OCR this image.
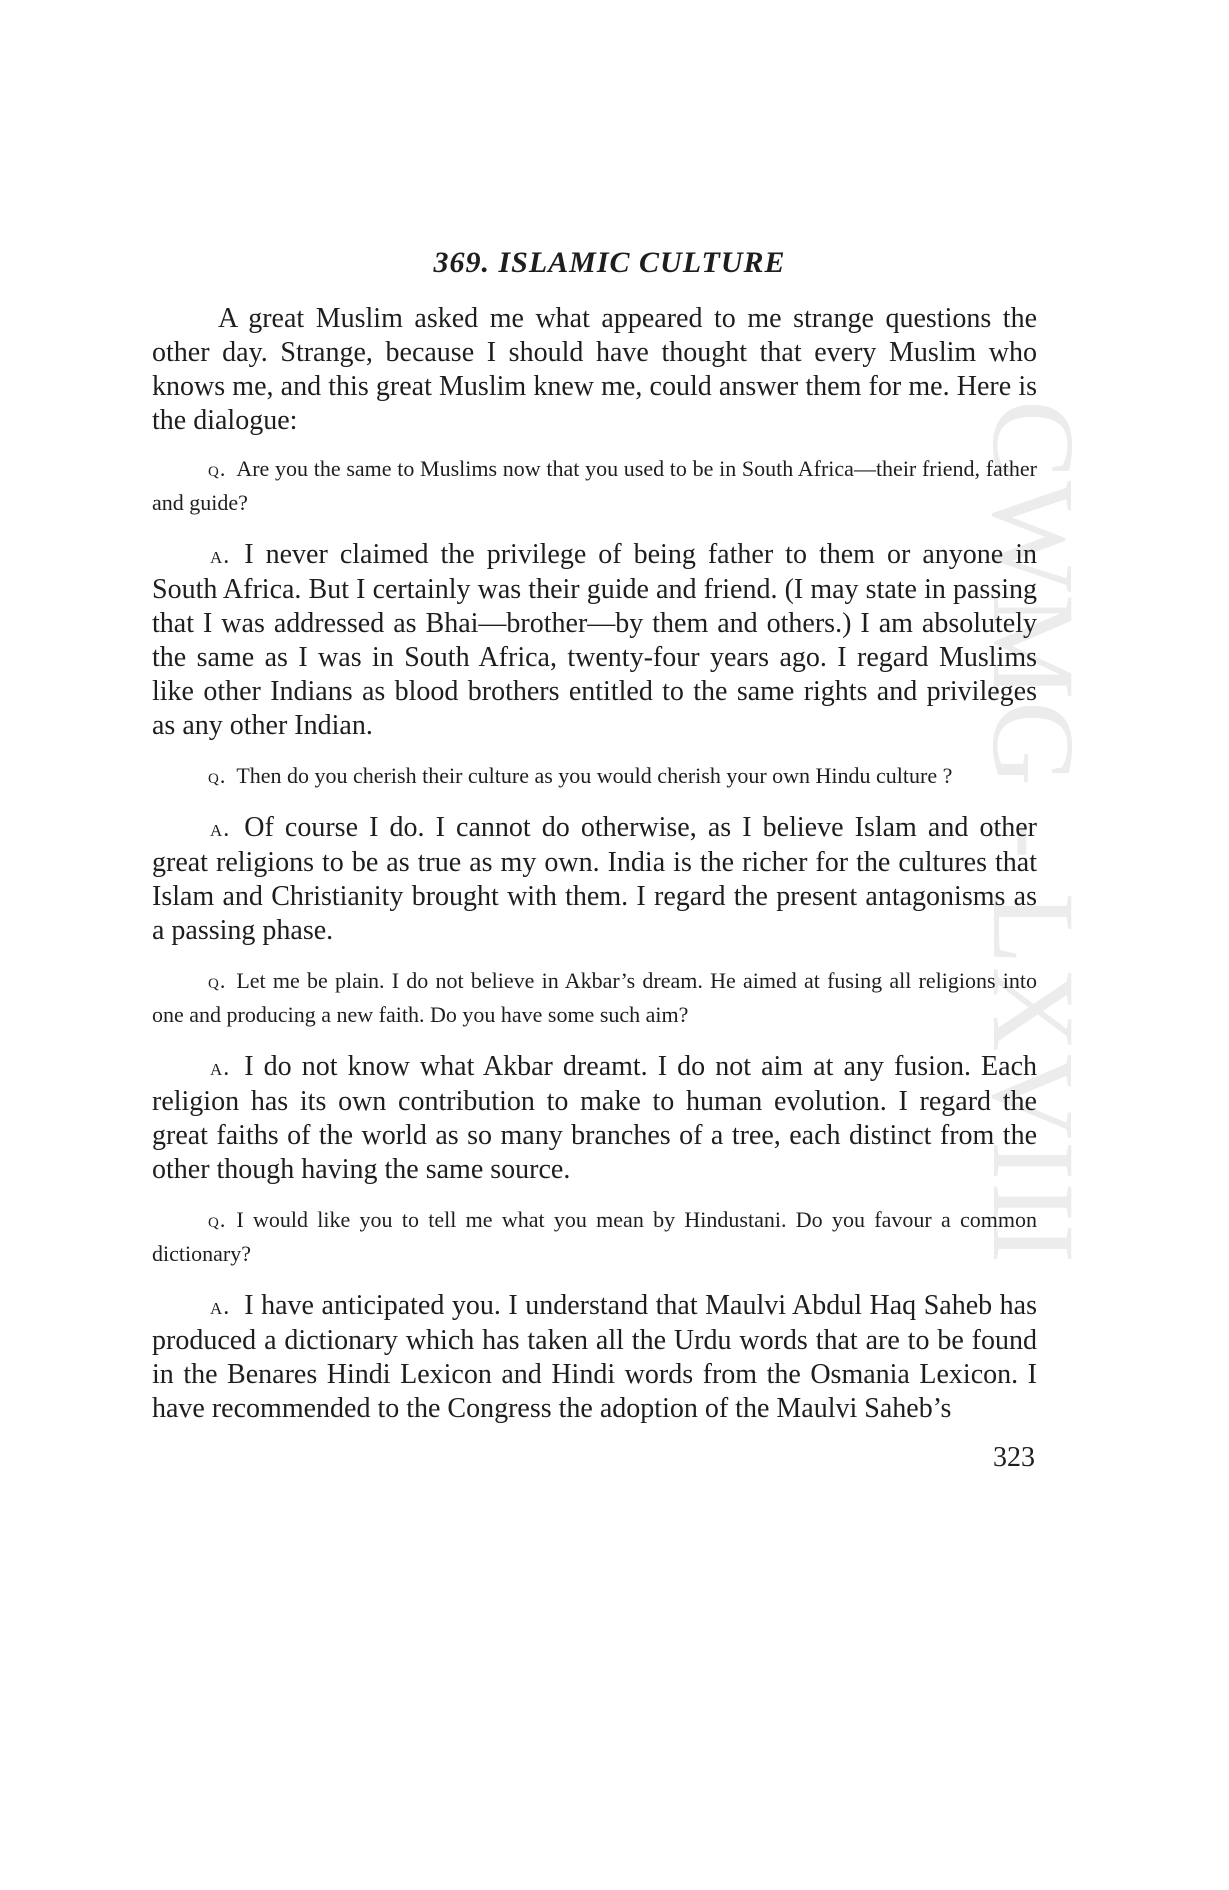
CWMG - LXVIII
369. ISLAMIC CULTURE

A great Muslim asked me what appeared to me strange questions the other day. Strange, because I should have thought that every Muslim who knows me, and this great Muslim knew me, could answer them for me. Here is the dialogue:

q. Are you the same to Muslims now that you used to be in South Africa—their friend, father and guide?

a. I never claimed the privilege of being father to them or anyone in South Africa. But I certainly was their guide and friend. (I may state in passing that I was addressed as Bhai—brother—by them and others.) I am absolutely the same as I was in South Africa, twenty-four years ago. I regard Muslims like other Indians as blood brothers entitled to the same rights and privileges as any other Indian.

q. Then do you cherish their culture as you would cherish your own Hindu culture ?

a. Of course I do. I cannot do otherwise, as I believe Islam and other great religions to be as true as my own. India is the richer for the cultures that Islam and Christianity brought with them. I regard the present antagonisms as a passing phase.

q. Let me be plain. I do not believe in Akbar’s dream. He aimed at fusing all religions into one and producing a new faith. Do you have some such aim?

a. I do not know what Akbar dreamt. I do not aim at any fusion. Each religion has its own contribution to make to human evolution. I regard the great faiths of the world as so many branches of a tree, each distinct from the other though having the same source.

q. I would like you to tell me what you mean by Hindustani. Do you favour a common dictionary?

a. I have anticipated you. I understand that Maulvi Abdul Haq Saheb has produced a dictionary which has taken all the Urdu words that are to be found in the Benares Hindi Lexicon and Hindi words from the Osmania Lexicon. I have recommended to the Congress the adoption of the Maulvi Saheb’s

323
